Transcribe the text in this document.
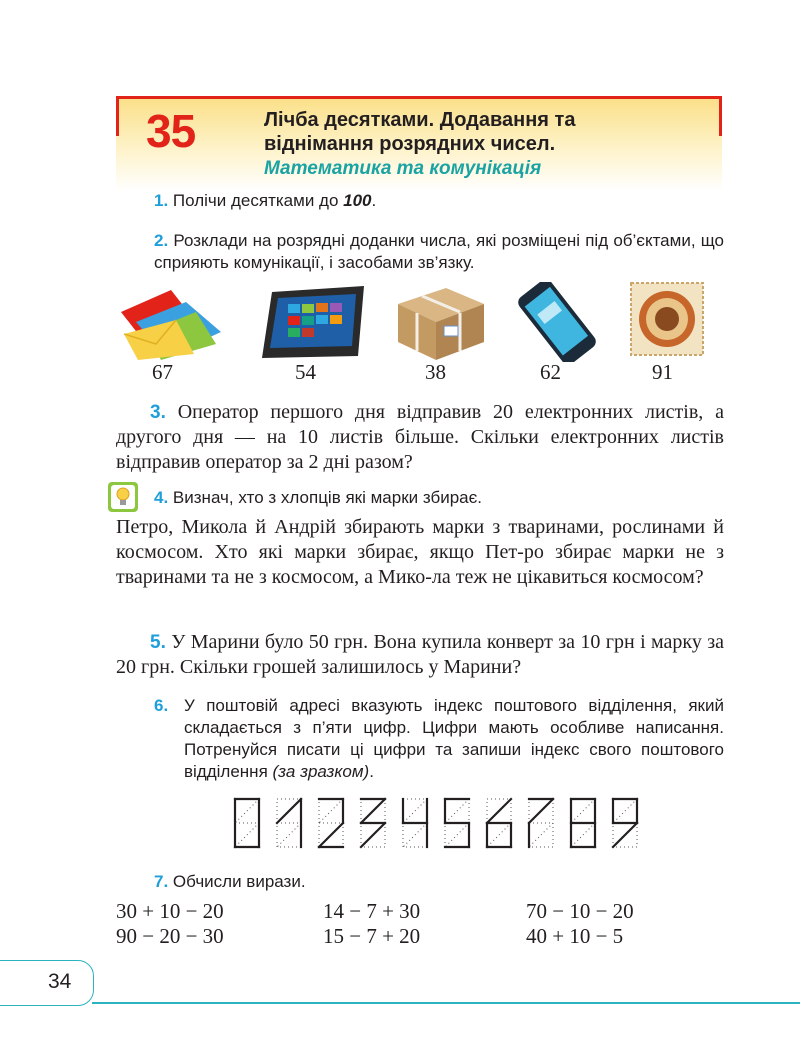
35	Лічба десятками. Додавання та
віднімання розрядних чисел.
Математика та комунікація
1. Полічи десятками до 100.
2. Розклади на розрядні доданки числа, які розміщені під об’єктами, що сприяють комунікації, і засобами зв’язку.
67	54	38	62	91
3. Оператор першого дня відправив 20 електронних листів, а другого дня — на 10 листів більше. Скільки електронних листів відправив оператор за 2 дні разом?
4. Визнач, хто з хлопців які марки збирає.
Петро, Микола й Андрій збирають марки з тваринами, рослинами й космосом. Хто які марки збирає, якщо Пет-ро збирає марки не з тваринами та не з космосом, а Мико-ла теж не цікавиться космосом?
5. У Марини було 50 грн. Вона купила конверт за 10 грн і марку за 20 грн. Скільки грошей залишилось у Марини?
6. У поштовій адресі вказують індекс поштового відділення, який складається з п’яти цифр. Цифри мають особливе написання. Потренуйся писати ці цифри та запиши індекс свого поштового відділення (за зразком).
7. Обчисли вирази.
30 + 10 − 20	14 − 7 + 30	70 − 10 − 20
90 − 20 − 30	15 − 7 + 20	40 + 10 − 5
34
